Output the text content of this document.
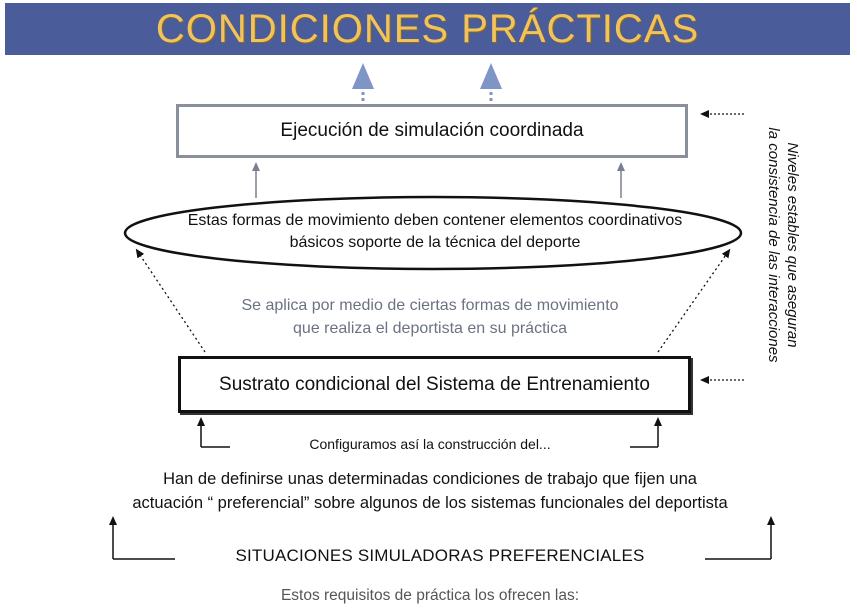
CONDICIONES PRÁCTICAS
Ejecución de simulación coordinada
Estas formas de movimiento deben contener elementos coordinativos
básicos soporte de la técnica del deporte
Se aplica por medio de ciertas formas de movimiento
que realiza el deportista en su práctica
Sustrato condicional del Sistema de Entrenamiento
Configuramos así la construcción del...
Han de definirse unas determinadas condiciones de trabajo que fijen una
actuación “ preferencial” sobre algunos de los sistemas funcionales del deportista
SITUACIONES SIMULADORAS PREFERENCIALES
Estos requisitos de práctica los ofrecen las:
Niveles estables que aseguran
la consistencia de las interacciones
